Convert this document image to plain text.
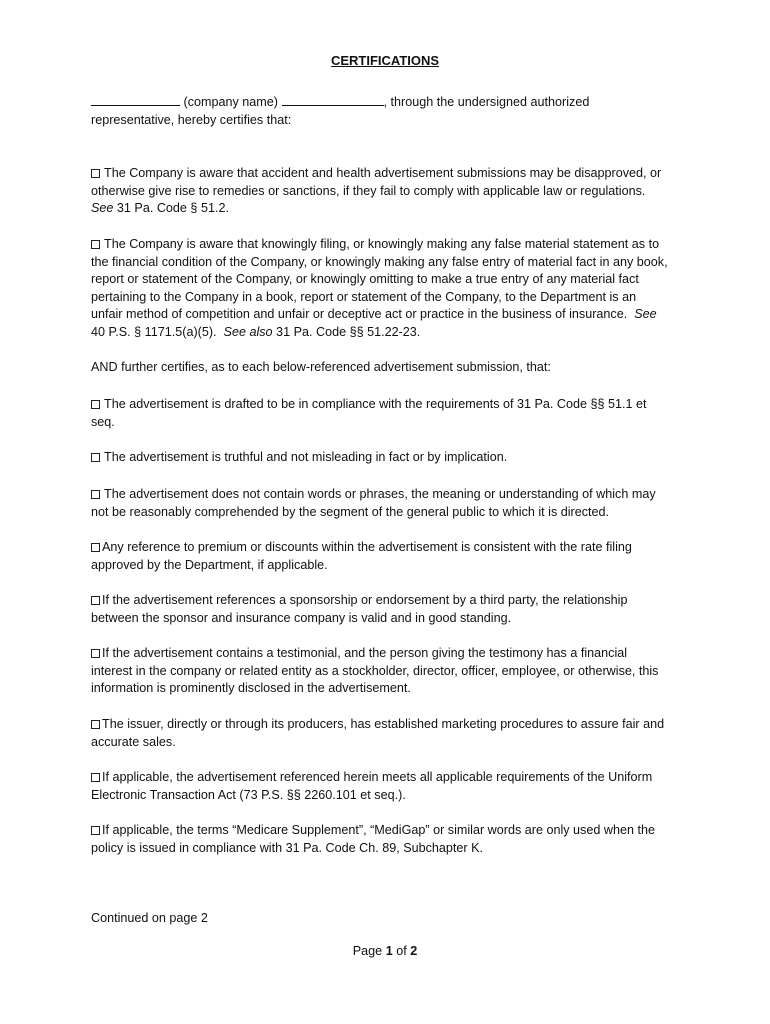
CERTIFICATIONS
(company name)	, through the undersigned authorized
representative, hereby certifies that:
The Company is aware that accident and health advertisement submissions may be disapproved, or
otherwise give rise to remedies or sanctions, if they fail to comply with applicable law or regulations.
See 31 Pa. Code § 51.2.
The Company is aware that knowingly filing, or knowingly making any false material statement as to
the financial condition of the Company, or knowingly making any false entry of material fact in any book,
report or statement of the Company, or knowingly omitting to make a true entry of any material fact
pertaining to the Company in a book, report or statement of the Company, to the Department is an
unfair method of competition and unfair or deceptive act or practice in the business of insurance.  See
40 P.S. § 1171.5(a)(5).  See also 31 Pa. Code §§ 51.22-23.
AND further certifies, as to each below-referenced advertisement submission, that:
The advertisement is drafted to be in compliance with the requirements of 31 Pa. Code §§ 51.1 et
seq.
The advertisement is truthful and not misleading in fact or by implication.
The advertisement does not contain words or phrases, the meaning or understanding of which may
not be reasonably comprehended by the segment of the general public to which it is directed.
Any reference to premium or discounts within the advertisement is consistent with the rate filing
approved by the Department, if applicable.
If the advertisement references a sponsorship or endorsement by a third party, the relationship
between the sponsor and insurance company is valid and in good standing.
If the advertisement contains a testimonial, and the person giving the testimony has a financial
interest in the company or related entity as a stockholder, director, officer, employee, or otherwise, this
information is prominently disclosed in the advertisement.
The issuer, directly or through its producers, has established marketing procedures to assure fair and
accurate sales.
If applicable, the advertisement referenced herein meets all applicable requirements of the Uniform
Electronic Transaction Act (73 P.S. §§ 2260.101 et seq.).
If applicable, the terms “Medicare Supplement”, “MediGap” or similar words are only used when the
policy is issued in compliance with 31 Pa. Code Ch. 89, Subchapter K.
Continued on page 2
Page 1 of 2
